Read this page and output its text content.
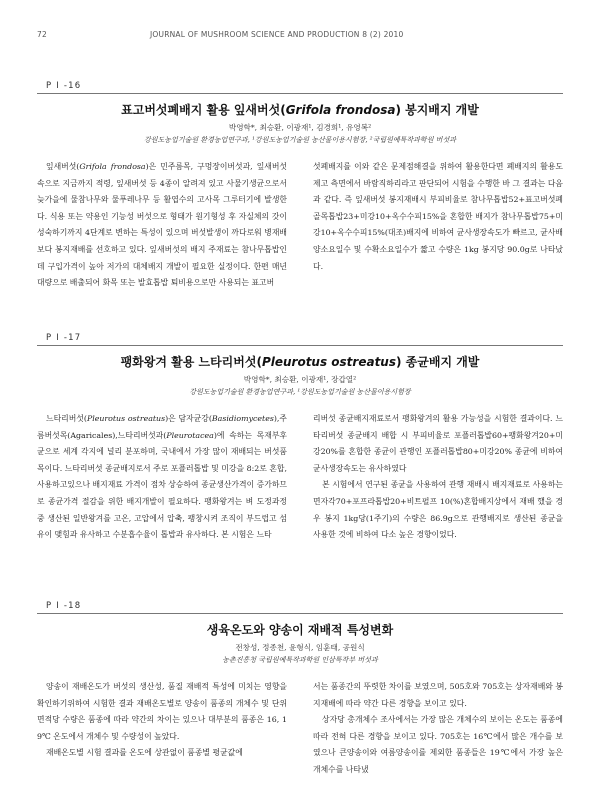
72	JOURNAL OF MUSHROOM SCIENCE AND PRODUCTION 8 (2) 2010
P I -16
표고버섯폐배지 활용 잎새버섯(Grifola frondosa) 봉지배지 개발
박영학*, 최승환, 이광재¹, 김경희¹, 유영복²
강원도농업기술원 환경농업연구과, ¹강원도농업기술원 농산물이용시험장, ²국립원예특작과학원 버섯과

잎새버섯(Grifola frondosa)은 민주름목, 구멍장이버섯과, 잎새버섯속으로 지금까지 적령, 잎새버섯 등 4종이 알려져 있고 사물기생균으로서 늦가을에 물참나무와 물푸레나무 등 활엽수의 고사목 그루터기에 발생한다. 식용 또는 약용인 기능성 버섯으로 형태가 원기형성 후 자실체의 갓이 성숙하기까지 4단계로 변하는 특성이 있으며 버섯발생이 까다로워 병재배보다 봉지재배를 선호하고 있다. 잎새버섯의 배지 주재료는 참나무톱밥인데 구입가격이 높아 저가의 대체배지 개발이 필요한 실정이다. 한편 매년 대량으로 배출되어 화목 또는 발효톱밥 퇴비용으로만 사용되는 표고버

섯폐배지를 이와 같은 문제점해결을 위하여 활용한다면 폐배지의 활용도제고 측면에서 바람직하리라고 판단되어 시험을 수행한 바 그 결과는 다음과 같다. 즉 잎새버섯 봉지재배시 부피비율로 참나무톱밥52+표고버섯폐골목톱밥23+미강10+옥수수피15%을 혼합한 배지가 참나무톱밥75+미강10+옥수수피15%(대조)배지에 비하여 균사생장속도가 빠르고, 균사배양소요일수 및 수확소요일수가 짧고 수량은 1kg 봉지당 90.0g로 나타났다.

P I -17
팽화왕겨 활용 느타리버섯(Pleurotus ostreatus) 종균배지 개발
박영학*, 최승환, 이광재¹, 장갑열²
강원도농업기술원 환경농업연구과, ¹강원도농업기술원 농산물이용시험장

느타리버섯(Pleurotus ostreatus)은 담자균강(Basidiomycetes),주름버섯목(Agaricales),느타리버섯과(Pleurotacea)에 속하는 목재부후균으로 세계 각지에 널리 분포하며, 국내에서 가장 많이 재배되는 버섯품목이다. 느타리버섯 종균배지로서 주로 포플러톱밥 및 미강을 8:2로 혼합, 사용하고있으나 배지재료 가격이 점차 상승하여 종균생산가격이 증가하므로 종균가격 절감을 위한 배지개발이 필요하다. 팽화왕겨는 벼 도정과정 중 생산된 일반왕겨를 고온, 고압에서 압축, 팽창시켜 조직이 부드럽고 섬유이 맺힘과 유사하고 수분흡수율이 톱밥과 유사하다. 본 시험은 느타

리버섯 종균배지재료로서 팽화왕겨의 활용 가능성을 시험한 결과이다. 느타리버섯 종균배지 배합 시 부피비율로 포플러톱밥60+팽화왕겨20+미강20%를 혼합한 종균이 관행인 포플러톱밥80+미강20% 종균에 비하여 균사생장속도는 유사하였다

본 시험에서 연구된 종균을 사용하여 관행 재배시 배지재료로 사용하는 면자각70+포프라톱밥20+비트펄프 10(%)혼합배지상에서 재배 했을 경우 봉지 1kg당(1주기)의 수량은 86.9g으로 관행배지로 생산된 종균을 사용한 것에 비하여 다소 높은 경향이었다.

P I -18
생육온도와 양송이 재배적 특성변화
전창성, 정종천, 윤형식, 임훈태, 공원식
농촌진흥청 국립원예특작과학원 인삼특작부 버섯과

양송이 재배온도가 버섯의 생산성, 품질 재배적 특성에 미치는 영향을 확인하기위하여 시험한 결과 재배온도별로 양송이 품종의 개체수 및 단위면적당 수량은 품종에 따라 약간의 차이는 있으나 대부분의 품종은 16, 19℃ 온도에서 개체수 및 수량성이 높았다.

재배온도별 시험 결과를 온도에 상관없이 품종별 평균값에

서는 품종간의 뚜렷한 차이를 보였으며, 505호와 705호는 상자재배와 봉지재배에 따라 약간 다른 경향을 보이고 있다.

상자당 총개체수 조사에서는 가장 많은 개체수의 보이는 온도는 품종에 따라 전혀 다른 경향을 보이고 있다. 705호는 16℃에서 많은 개수를 보였으나 큰양송이와 여름양송이를 제외한 품종들은 19℃에서 가장 높은 개체수를 나타냈
